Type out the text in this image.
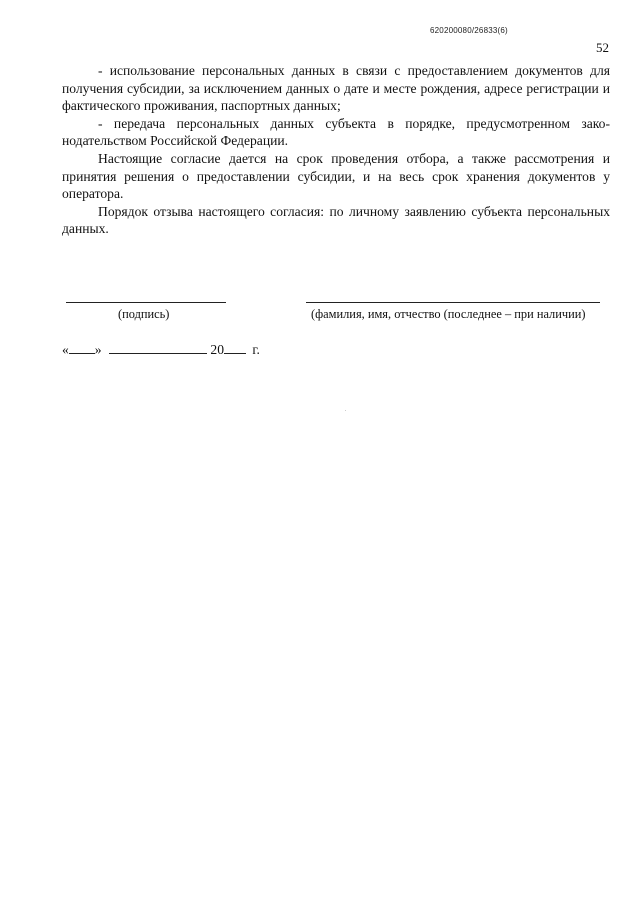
620200080/26833(6)
52

- использование персональных данных в связи с предоставлением документов для получения субсидии, за исключением данных о дате и месте рождения, адресе регистрации и фактического проживания, паспортных данных;

- передача персональных данных субъекта в порядке, предусмотренном законодательством Российской Федерации.

Настоящие согласие дается на срок проведения отбора, а также рассмотрения и принятия решения о предоставлении субсидии, и на весь срок хранения документов у оператора.

Порядок отзыва настоящего согласия: по личному заявлению субъекта персональных данных.

(подпись)	(фамилия, имя, отчество (последнее – при наличии)
« »	20 г.
